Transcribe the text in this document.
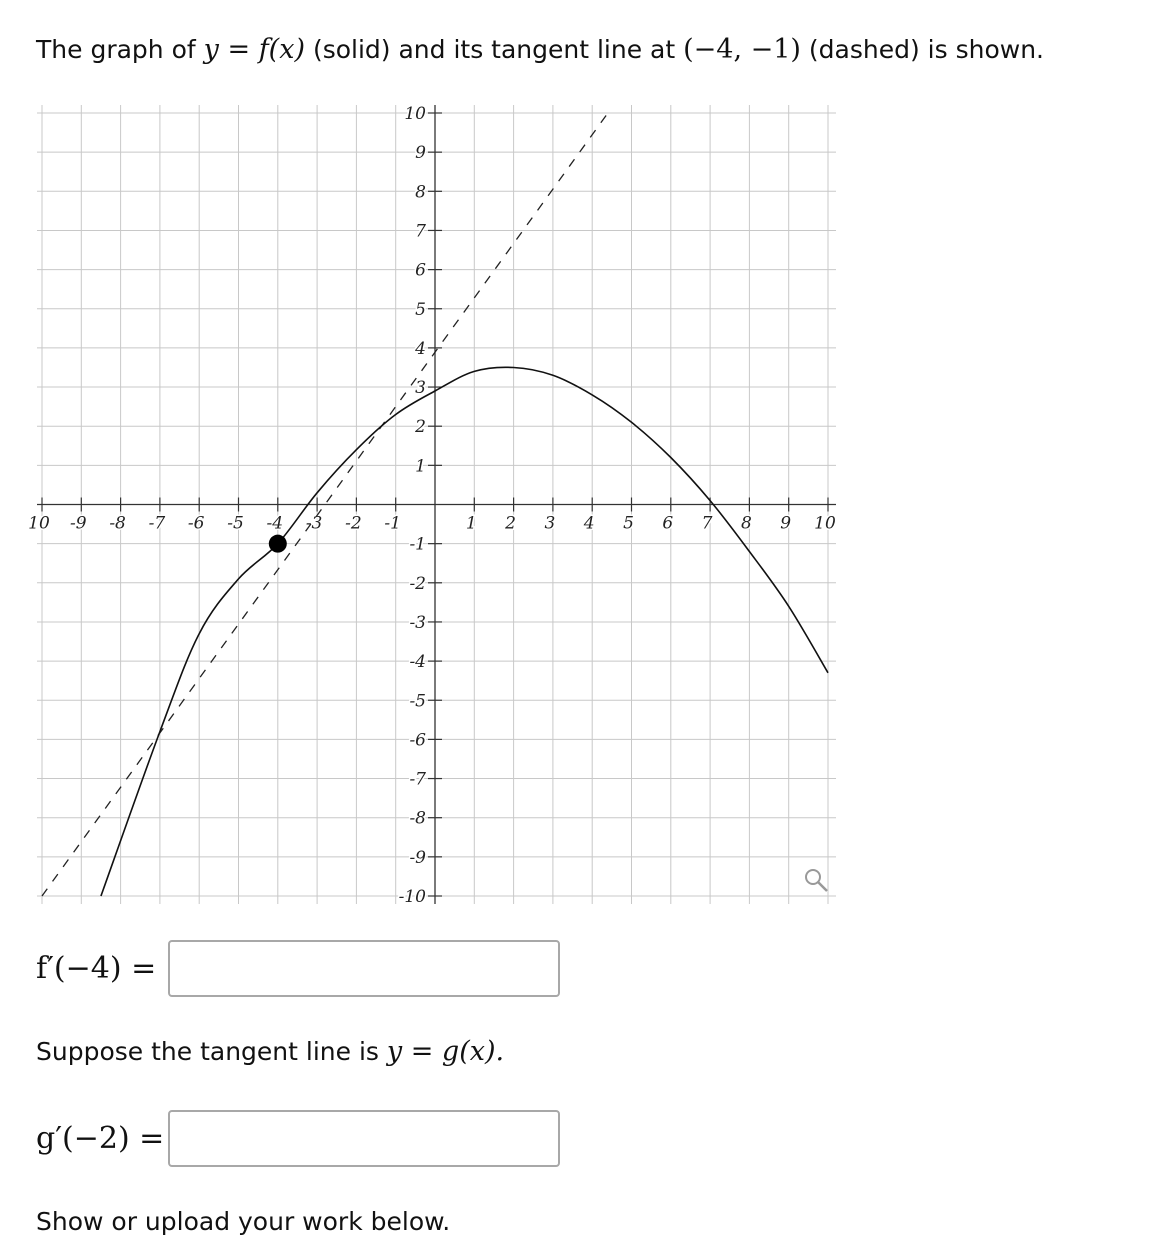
The graph of y = f(x) (solid) and its tangent line at (−4, −1) (dashed) is shown.
10 -9 -8 -7 -6 -5 -4 -3 -2 -1	1 2 3 4 5 6 7 8 9 10
10
9
8
7
6
5
4
3
2
1
-1
-2
-3
-4
-5
-6
-7
-8
-9
-10
f′(−4) =
Suppose the tangent line is y = g(x).
g′(−2) =
Show or upload your work below.
